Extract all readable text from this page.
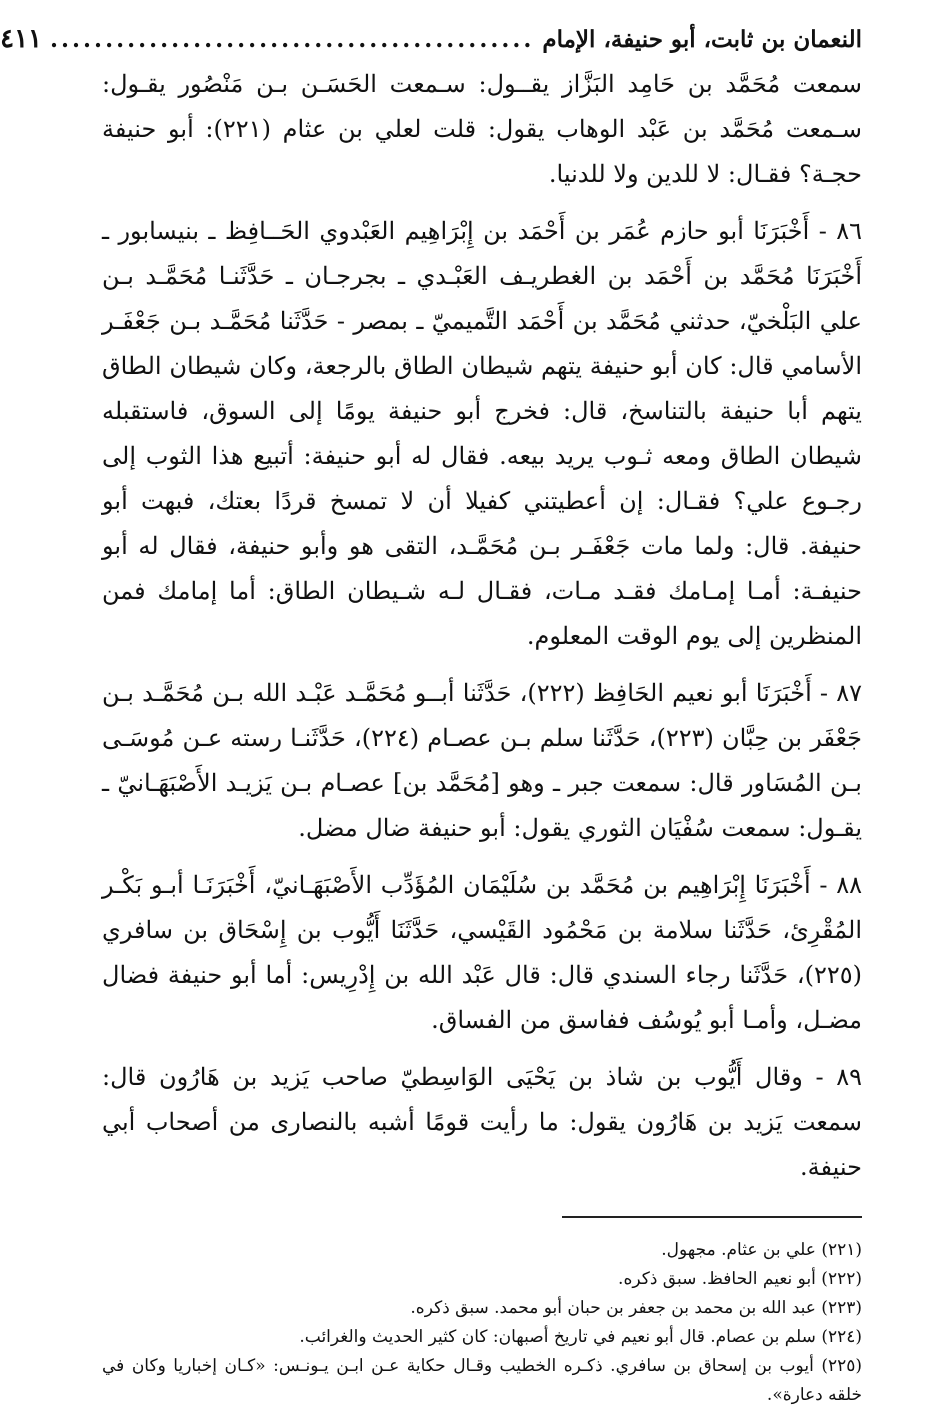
النعمان بن ثابت، أبو حنيفة، الإمام
............................................
٤١١

سمعت مُحَمَّد بن حَامِد البَزَّاز يقــول: سـمعت الحَسَـن بـن مَنْصُور يقـول: سـمعت مُحَمَّد بن عَبْد الوهاب يقول: قلت لعلي بن عثام (٢٢١): أبو حنيفة حجـة؟ فقـال: لا للدين ولا للدنيا.

٨٦ - أَخْبَرَنَا أبو حازم عُمَر بن أَحْمَد بن إِبْرَاهِيم العَبْدوي الحَــافِظ ـ بنيسابور ـ أَخْبَرَنَا مُحَمَّد بن أَحْمَد بن الغطريـف العَبْـدي ـ بجرجـان ـ حَدَّثَنـا مُحَمَّـد بـن علي البَلْخيّ، حدثني مُحَمَّد بن أَحْمَد التَّميميّ ـ بمصر - حَدَّثَنا مُحَمَّـد بـن جَعْفَـر الأسامي قال: كان أبو حنيفة يتهم شيطان الطاق بالرجعة، وكان شيطان الطاق يتهم أبا حنيفة بالتناسخ، قال: فخرج أبو حنيفة يومًا إلى السوق، فاستقبله شيطان الطاق ومعه ثـوب يريد بيعه. فقال له أبو حنيفة: أتبيع هذا الثوب إلى رجـوع علي؟ فقـال: إن أعطيتني كفيلا أن لا تمسخ قردًا بعتك، فبهت أبو حنيفة. قال: ولما مات جَعْفَـر بـن مُحَمَّـد، التقى هو وأبو حنيفة، فقال له أبو حنيفـة: أمـا إمـامك فقـد مـات، فقـال لـه شـيطان الطاق: أما إمامك فمن المنظرين إلى يوم الوقت المعلوم.

٨٧ - أَخْبَرَنَا أبو نعيم الحَافِظ (٢٢٢)، حَدَّثَنا أبــو مُحَمَّـد عَبْـد الله بـن مُحَمَّـد بـن جَعْفَر بن حِبَّان (٢٢٣)، حَدَّثَنا سلم بـن عصـام (٢٢٤)، حَدَّثَنـا رسته عـن مُوسَـى بـن المُسَاور قال: سمعت جبر ـ وهو [مُحَمَّد بن] عصـام بـن يَزيـد الأَصْبَهَـانيّ ـ يقـول: سمعت سُفْيَان الثوري يقول: أبو حنيفة ضال مضل.

٨٨ - أَخْبَرَنَا إِبْرَاهِيم بن مُحَمَّد بن سُلَيْمَان المُؤَدِّب الأَصْبَهَـانيّ، أَخْبَرَنَـا أبـو بَكْـر المُقْرِئ، حَدَّثَنا سلامة بن مَحْمُود القَيْسي، حَدَّثَنَا أَيُّوب بن إِسْحَاق بن سافري (٢٢٥)، حَدَّثَنا رجاء السندي قال: قال عَبْد الله بن إِدْرِيس: أما أبو حنيفة فضال مضـل، وأمـا أبو يُوسُف ففاسق من الفساق.

٨٩ - وقال أَيُّوب بن شاذ بن يَحْيَى الوَاسِطيّ صاحب يَزيد بن هَارُون قال: سمعت يَزيد بن هَارُون يقول: ما رأيت قومًا أشبه بالنصارى من أصحاب أبي حنيفة.

(٢٢١) علي بن عثام. مجهول.

(٢٢٢) أبو نعيم الحافظ. سبق ذكره.

(٢٢٣) عبد الله بن محمد بن جعفر بن حبان أبو محمد. سبق ذكره.

(٢٢٤) سلم بن عصام. قال أبو نعيم في تاريخ أصبهان: كان كثير الحديث والغرائب.

(٢٢٥) أيوب بن إسحاق بن سافري. ذكـره الخطيب وقـال حكاية عـن ابـن يـونـس: «كـان إخباريا وكان في خلقه دعارة».
